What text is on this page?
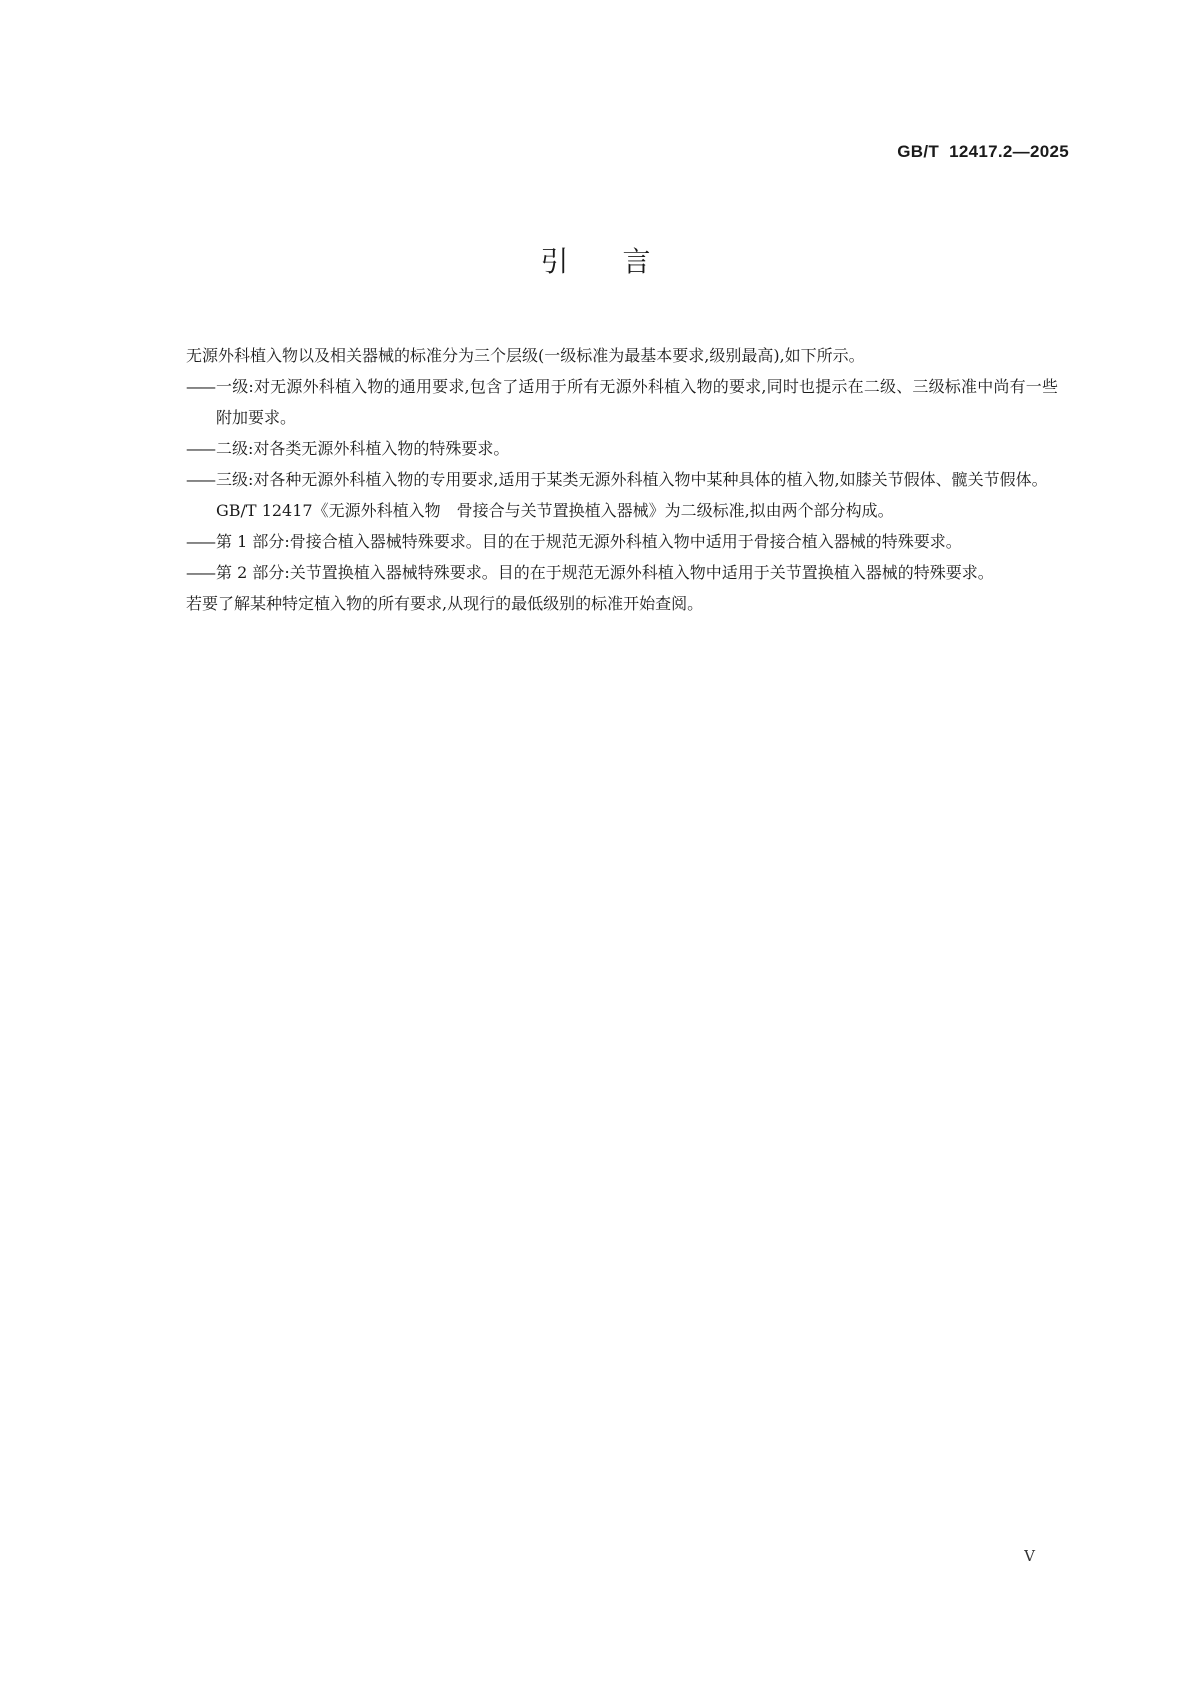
GB/T  12417.2—2025
引言

无源外科植入物以及相关器械的标准分为三个层级(一级标准为最基本要求,级别最高),如下所示。

—— 一级:对无源外科植入物的通用要求,包含了适用于所有无源外科植入物的要求,同时也提示在二级、三级标准中尚有一些附加要求。

—— 二级:对各类无源外科植入物的特殊要求。

—— 三级:对各种无源外科植入物的专用要求,适用于某类无源外科植入物中某种具体的植入物,如膝关节假体、髋关节假体。

GB/T 12417《无源外科植入物　骨接合与关节置换植入器械》为二级标准,拟由两个部分构成。

—— 第 1 部分:骨接合植入器械特殊要求。目的在于规范无源外科植入物中适用于骨接合植入器械的特殊要求。

—— 第 2 部分:关节置换植入器械特殊要求。目的在于规范无源外科植入物中适用于关节置换植入器械的特殊要求。

若要了解某种特定植入物的所有要求,从现行的最低级别的标准开始查阅。

V
